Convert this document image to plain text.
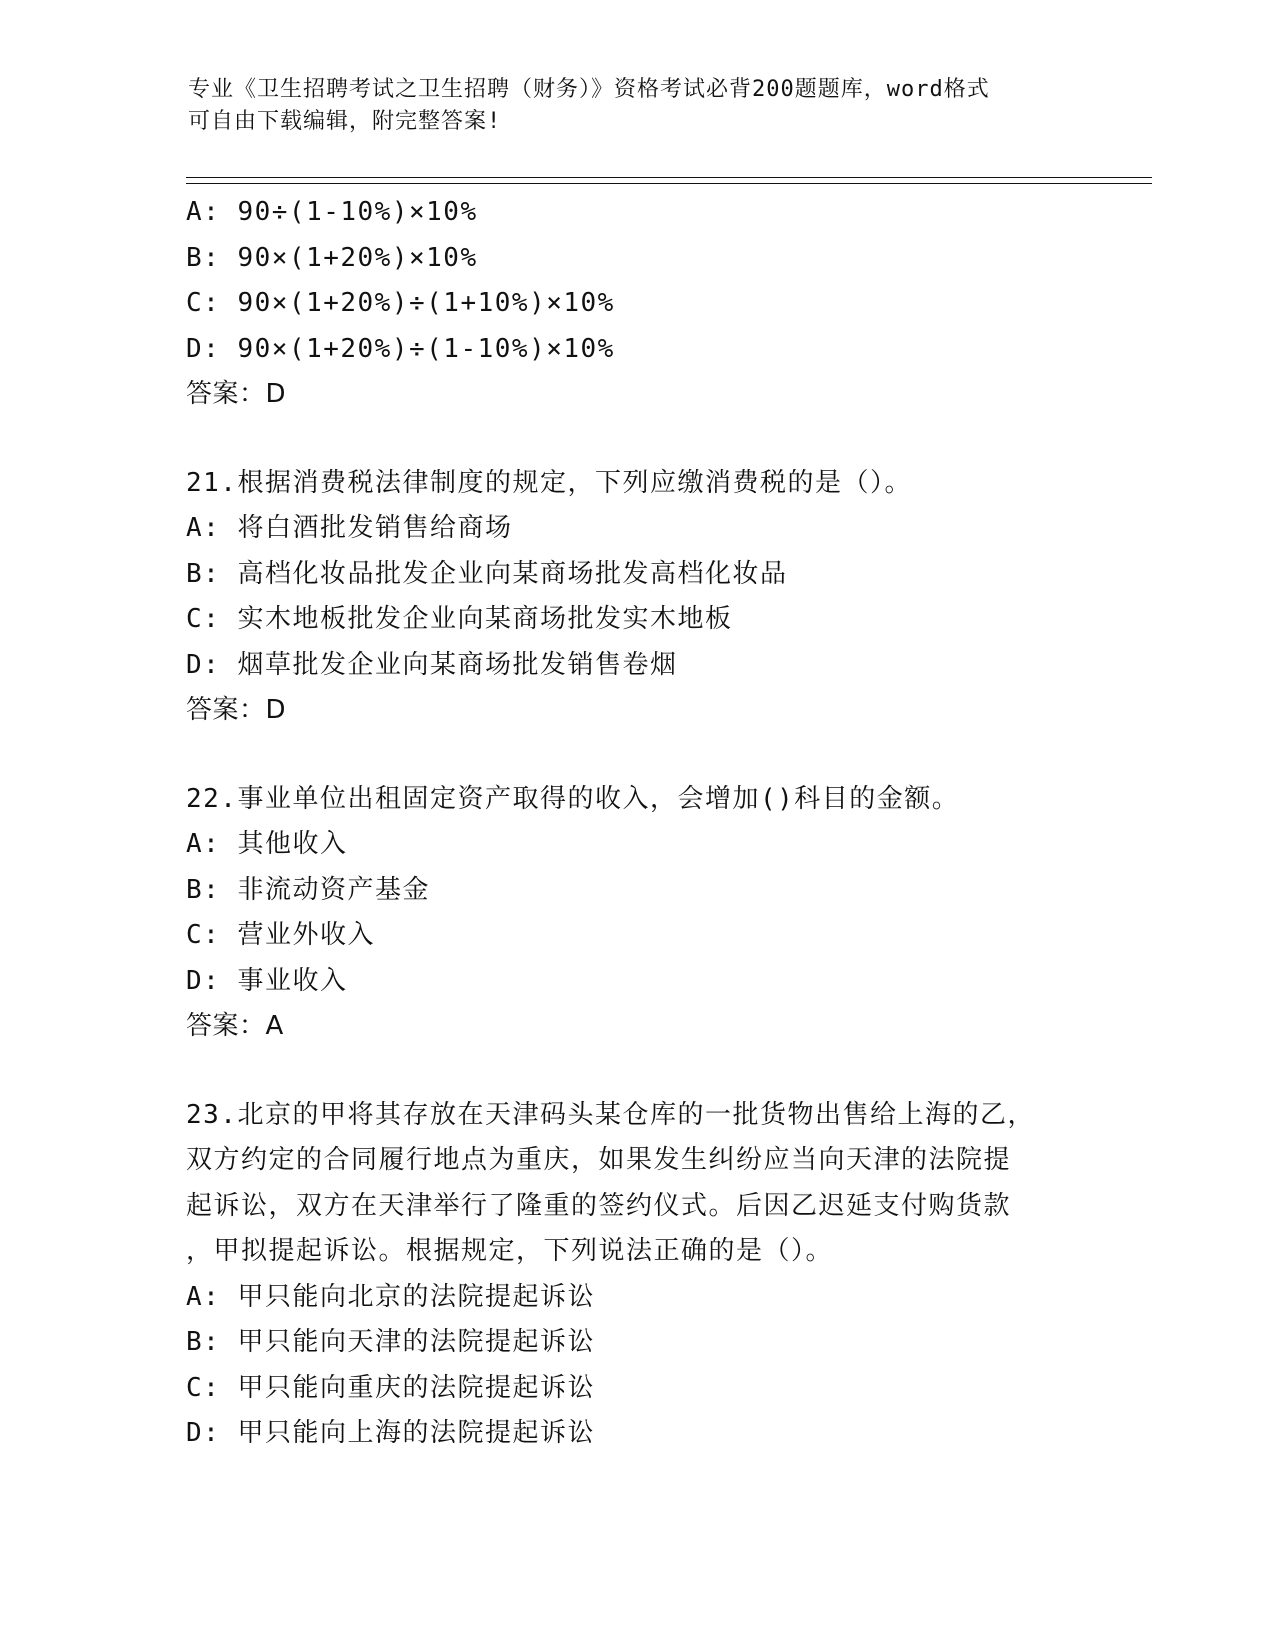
专业《卫生招聘考试之卫生招聘（财务）》资格考试必背200题题库，word格式
可自由下载编辑，附完整答案!
A: 90÷(1-10%)×10%
B: 90×(1+20%)×10%
C: 90×(1+20%)÷(1+10%)×10%
D: 90×(1+20%)÷(1-10%)×10%
答案：D
21.根据消费税法律制度的规定，下列应缴消费税的是（）。
A: 将白酒批发销售给商场
B: 高档化妆品批发企业向某商场批发高档化妆品
C: 实木地板批发企业向某商场批发实木地板
D: 烟草批发企业向某商场批发销售卷烟
答案：D
22.事业单位出租固定资产取得的收入，会增加()科目的金额。
A: 其他收入
B: 非流动资产基金
C: 营业外收入
D: 事业收入
答案：A
23.北京的甲将其存放在天津码头某仓库的一批货物出售给上海的乙，
双方约定的合同履行地点为重庆，如果发生纠纷应当向天津的法院提
起诉讼，双方在天津举行了隆重的签约仪式。后因乙迟延支付购货款
，甲拟提起诉讼。根据规定，下列说法正确的是（）。
A: 甲只能向北京的法院提起诉讼
B: 甲只能向天津的法院提起诉讼
C: 甲只能向重庆的法院提起诉讼
D: 甲只能向上海的法院提起诉讼
